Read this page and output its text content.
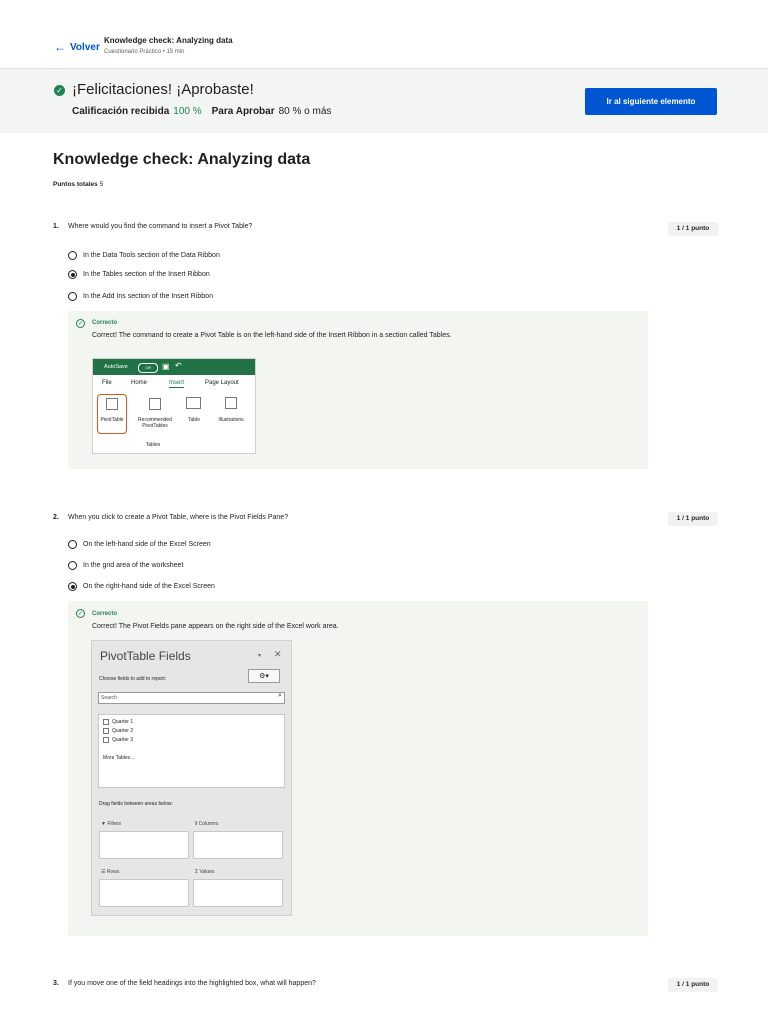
← Volver
Knowledge check: Analyzing data
Cuestionario Práctico • 15 min
✓ ¡Felicitaciones! ¡Aprobaste!
Calificación recibida 100 % Para Aprobar 80 % o más
Ir al siguiente elemento
Knowledge check: Analyzing data
Puntos totales 5
1. Where would you find the command to insert a Pivot Table?	1 / 1 punto
In the Data Tools section of the Data Ribbon
In the Tables section of the Insert Ribbon
In the Add Ins section of the Insert Ribbon
✓	Correcto
Correct! The command to create a Pivot Table is on the left-hand side of the Insert Ribbon in a section called Tables.
AutoSave	Off	▣ ↶
File	Home	Insert	Page Layout
PivotTable	Recommended PivotTables
Table	Illustrations
Tables
2. When you click to create a Pivot Table, where is the Pivot Fields Pane?	1 / 1 punto
On the left-hand side of the Excel Screen
In the grid area of the worksheet
On the right-hand side of the Excel Screen
✓	Correcto
Correct! The Pivot Fields pane appears on the right side of the Excel work area.
PivotTable Fields	▾ ✕
Choose fields to add to report:	⚙▾
Search	⌕
Quarter 1
Quarter 2
Quarter 3
More Tables...
Drag fields between areas below:
▼ Filters	⦀ Columns
☰ Rows	Σ Values
3. If you move one of the field headings into the highlighted box, what will happen?	1 / 1 punto
